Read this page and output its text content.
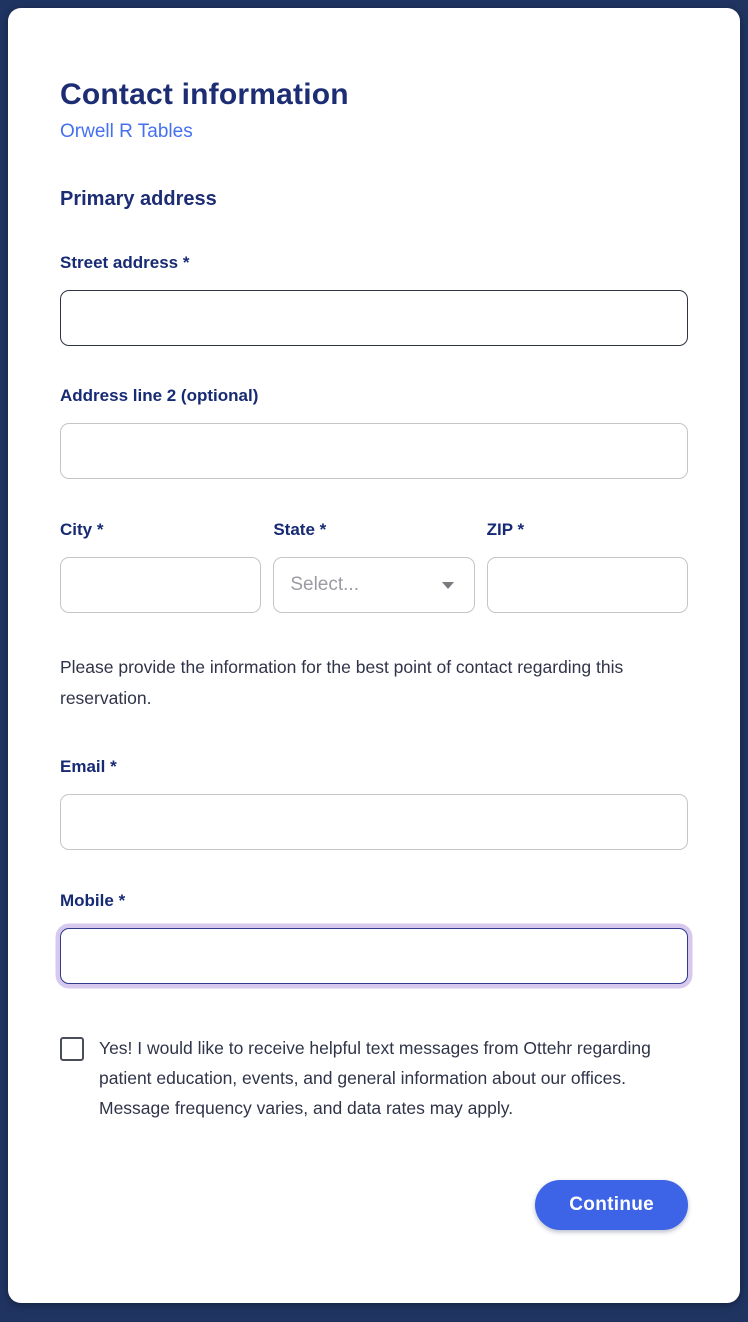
Contact information
Orwell R Tables
Primary address
Street address *
Address line 2 (optional)
City *	State *
Select...
ZIP *

Please provide the information for the best point of contact regarding this reservation.

Email *
Mobile *
Yes! I would like to receive helpful text messages from Ottehr regarding patient education, events, and general information about our offices. Message frequency varies, and data rates may apply.
Continue
